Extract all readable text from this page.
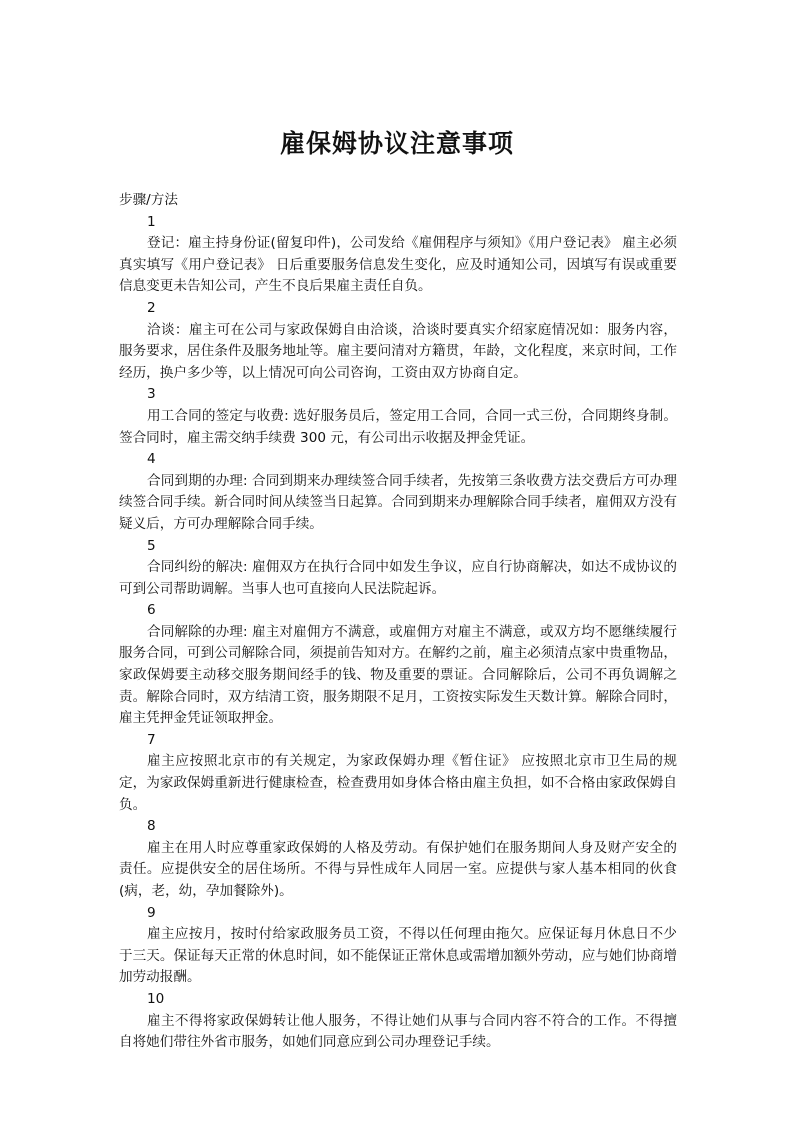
雇保姆协议注意事项

步骤/方法

1

登记：雇主持身份证(留复印件)，公司发给《雇佣程序与须知》《用户登记表》 雇主必须真实填写《用户登记表》 日后重要服务信息发生变化，应及时通知公司，因填写有误或重要信息变更未告知公司，产生不良后果雇主责任自负。

2

洽谈：雇主可在公司与家政保姆自由洽谈，洽谈时要真实介绍家庭情况如：服务内容，服务要求，居住条件及服务地址等。雇主要问清对方籍贯，年龄，文化程度，来京时间，工作经历，换户多少等，以上情况可向公司咨询，工资由双方协商自定。

3

用工合同的签定与收费: 选好服务员后，签定用工合同，合同一式三份，合同期终身制。签合同时，雇主需交纳手续费 300 元，有公司出示收据及押金凭证。

4

合同到期的办理: 合同到期来办理续签合同手续者，先按第三条收费方法交费后方可办理续签合同手续。新合同时间从续签当日起算。合同到期来办理解除合同手续者，雇佣双方没有疑义后，方可办理解除合同手续。

5

合同纠纷的解决: 雇佣双方在执行合同中如发生争议，应自行协商解决，如达不成协议的可到公司帮助调解。当事人也可直接向人民法院起诉。

6

合同解除的办理: 雇主对雇佣方不满意，或雇佣方对雇主不满意，或双方均不愿继续履行服务合同，可到公司解除合同，须提前告知对方。在解约之前，雇主必须清点家中贵重物品，家政保姆要主动移交服务期间经手的钱、物及重要的票证。合同解除后，公司不再负调解之责。解除合同时，双方结清工资，服务期限不足月，工资按实际发生天数计算。解除合同时，雇主凭押金凭证领取押金。

7

雇主应按照北京市的有关规定，为家政保姆办理《暂住证》 应按照北京市卫生局的规定，为家政保姆重新进行健康检查，检查费用如身体合格由雇主负担，如不合格由家政保姆自负。

8

雇主在用人时应尊重家政保姆的人格及劳动。有保护她们在服务期间人身及财产安全的责任。应提供安全的居住场所。不得与异性成年人同居一室。应提供与家人基本相同的伙食(病，老，幼，孕加餐除外)。

9

雇主应按月，按时付给家政服务员工资，不得以任何理由拖欠。应保证每月休息日不少于三天。保证每天正常的休息时间，如不能保证正常休息或需增加额外劳动，应与她们协商增加劳动报酬。

10

雇主不得将家政保姆转让他人服务，不得让她们从事与合同内容不符合的工作。不得擅自将她们带往外省市服务，如她们同意应到公司办理登记手续。
